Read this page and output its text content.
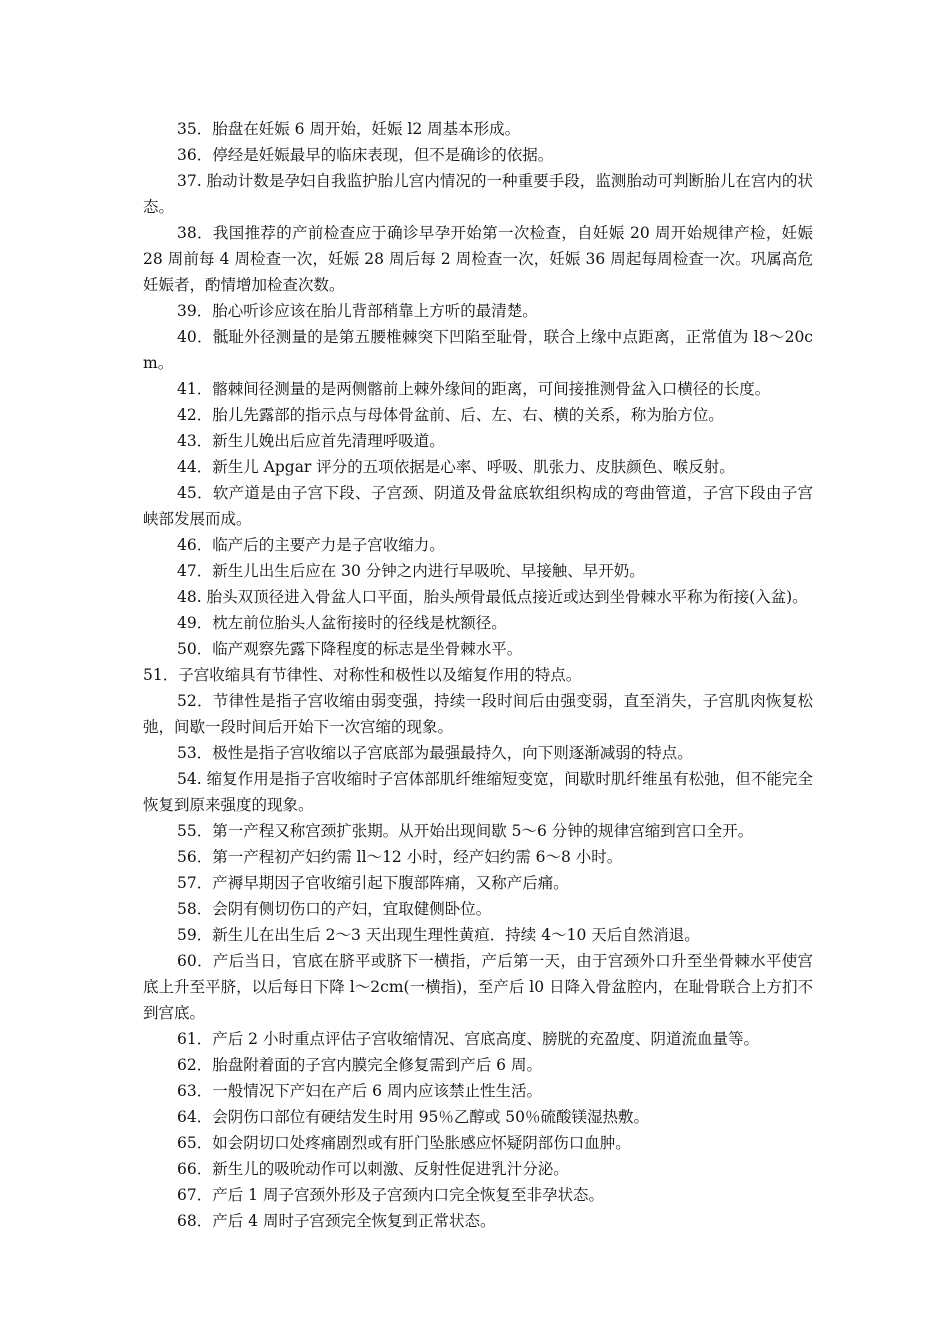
35．胎盘在妊娠 6 周开始，妊娠 l2 周基本形成。

36．停经是妊娠最早的临床表现，但不是确诊的依据。

37. 胎动计数是孕妇自我监护胎儿宫内情况的一种重要手段，监测胎动可判断胎儿在宫内的状态。

38．我国推荐的产前检查应于确诊早孕开始第一次检查，自妊娠 20 周开始规律产检，妊娠 28 周前每 4 周检查一次，妊娠 28 周后每 2 周检查一次，妊娠 36 周起每周检查一次。巩属高危妊娠者，酌情增加检查次数。

39．胎心听诊应该在胎儿背部稍靠上方听的最清楚。

40．骶耻外径测量的是第五腰椎棘突下凹陷至耻骨，联合上缘中点距离，正常值为 l8～20cm。

41．髂棘间径测量的是两侧髂前上棘外缘间的距离，可间接推测骨盆入口横径的长度。

42．胎儿先露部的指示点与母体骨盆前、后、左、右、横的关系，称为胎方位。

43．新生儿娩出后应首先清理呼吸道。

44．新生儿 Apgar 评分的五项依据是心率、呼吸、肌张力、皮肤颜色、喉反射。

45．软产道是由子宫下段、子宫颈、阴道及骨盆底软组织构成的弯曲管道，子宫下段由子宫峡部发展而成。

46．临产后的主要产力是子宫收缩力。

47．新生儿出生后应在 30 分钟之内进行早吸吮、早接触、早开奶。

48. 胎头双顶径进入骨盆人口平面，胎头颅骨最低点接近或达到坐骨棘水平称为衔接(入盆)。

49．枕左前位胎头人盆衔接时的径线是枕额径。

50．临产观察先露下降程度的标志是坐骨棘水平。

51．子宫收缩具有节律性、对称性和极性以及缩复作用的特点。

52．节律性是指子宫收缩由弱变强，持续一段时间后由强变弱，直至消失，子宫肌肉恢复松弛，间歇一段时间后开始下一次宫缩的现象。

53．极性是指子宫收缩以子宫底部为最强最持久，向下则逐渐减弱的特点。

54. 缩复作用是指子宫收缩时子宫体部肌纤维缩短变宽，间歇时肌纤维虽有松弛，但不能完全恢复到原来强度的现象。

55．第一产程又称宫颈扩张期。从开始出现间歇 5～6 分钟的规律宫缩到宫口全开。

56．第一产程初产妇约需 ll～12 小时，经产妇约需 6～8 小时。

57．产褥早期因子官收缩引起下腹部阵痛，又称产后痛。

58．会阴有侧切伤口的产妇，宜取健侧卧位。

59．新生儿在出生后 2～3 天出现生理性黄疸．持续 4～10 天后自然消退。

60．产后当日，官底在脐平或脐下一横指，产后第一天，由于宫颈外口升至坐骨棘水平使宫底上升至平脐，以后每日下降 l～2cm(一横指)，至产后 l0 日降入骨盆腔内，在耻骨联合上方扪不到宫底。

61．产后 2 小时重点评估子宫收缩情况、宫底高度、膀胱的充盈度、阴道流血量等。

62．胎盘附着面的子宫内膜完全修复需到产后 6 周。

63．一般情况下产妇在产后 6 周内应该禁止性生活。

64．会阴伤口部位有硬结发生时用 95％乙醇或 50％硫酸镁湿热敷。

65．如会阴切口处疼痛剧烈或有肝门坠胀感应怀疑阴部伤口血肿。

66．新生儿的吸吮动作可以刺激、反射性促进乳汁分泌。

67．产后 1 周子宫颈外形及子宫颈内口完全恢复至非孕状态。

68．产后 4 周时子宫颈完全恢复到正常状态。
